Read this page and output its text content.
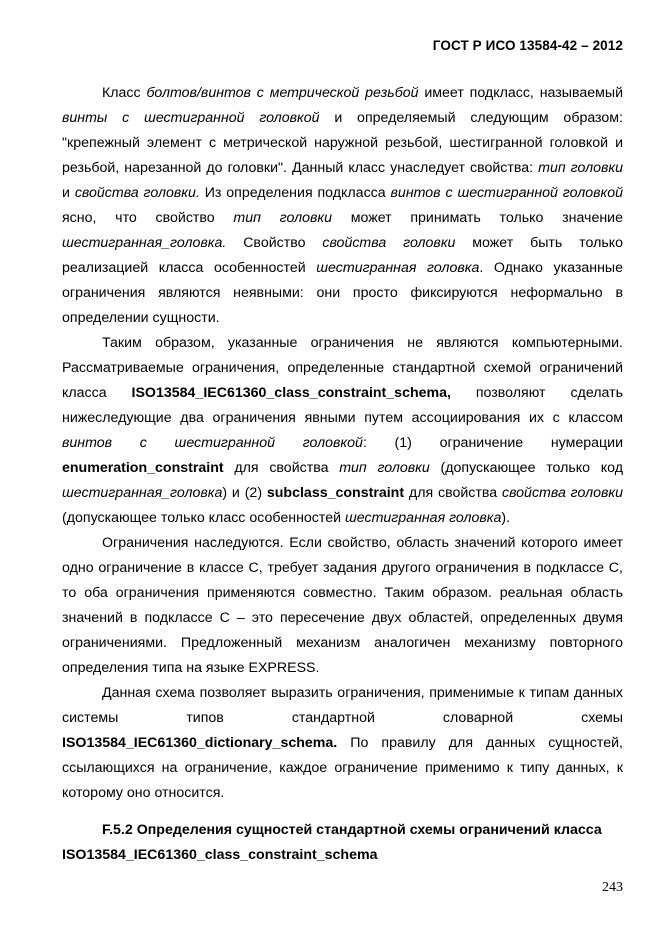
ГОСТ Р ИСО 13584-42 – 2012

Класс болтов/винтов с метрической резьбой имеет подкласс, называемый винты с шестигранной головкой и определяемый следующим образом: "крепежный элемент с метрической наружной резьбой, шестигранной головкой и резьбой, нарезанной до головки". Данный класс унаследует свойства: тип головки и свойства головки. Из определения подкласса винтов с шестигранной головкой ясно, что свойство тип головки может принимать только значение шестигранная_головка. Свойство свойства головки может быть только реализацией класса особенностей шестигранная головка. Однако указанные ограничения являются неявными: они просто фиксируются неформально в определении сущности.

Таким образом, указанные ограничения не являются компьютерными. Рассматриваемые ограничения, определенные стандартной схемой ограничений класса ISO13584_IEC61360_class_constraint_schema, позволяют сделать нижеследующие два ограничения явными путем ассоциирования их с классом винтов с шестигранной головкой: (1) ограничение нумерации enumeration_constraint для свойства тип головки (допускающее только код шестигранная_головка) и (2) subclass_constraint для свойства свойства головки (допускающее только класс особенностей шестигранная головка).

Ограничения наследуются. Если свойство, область значений которого имеет одно ограничение в классе С, требует задания другого ограничения в подклассе С, то оба ограничения применяются совместно. Таким образом. реальная область значений в подклассе С – это пересечение двух областей, определенных двумя ограничениями. Предложенный механизм аналогичен механизму повторного определения типа на языке EXPRESS.

Данная схема позволяет выразить ограничения, применимые к типам данных системы типов стандартной словарной схемы ISO13584_IEC61360_dictionary_schema. По правилу для данных сущностей, ссылающихся на ограничение, каждое ограничение применимо к типу данных, к которому оно относится.

F.5.2 Определения сущностей стандартной схемы ограничений класса
ISO13584_IEC61360_class_constraint_schema
243
